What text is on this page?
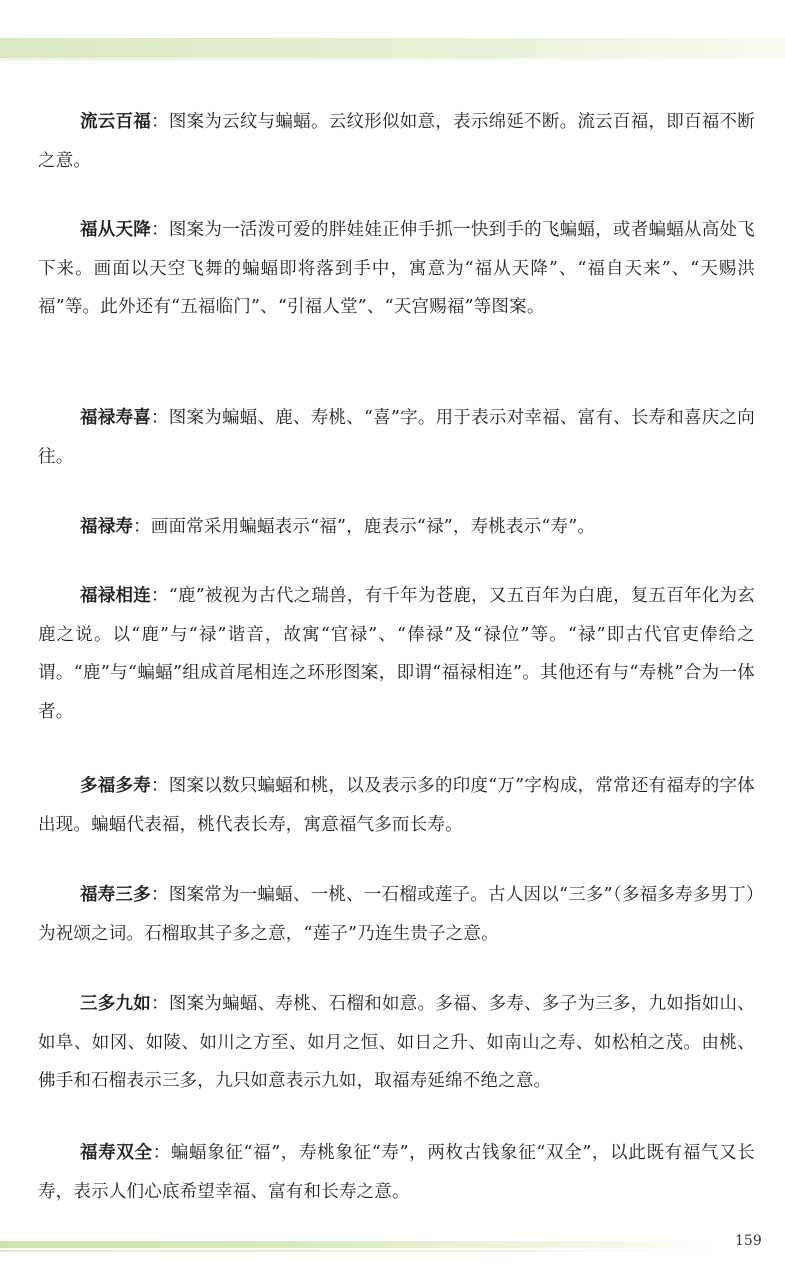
流云百福：图案为云纹与蝙蝠。云纹形似如意，表示绵延不断。流云百福，即百福不断之意。

福从天降：图案为一活泼可爱的胖娃娃正伸手抓一快到手的飞蝙蝠，或者蝙蝠从高处飞下来。画面以天空飞舞的蝙蝠即将落到手中，寓意为“福从天降”、“福自天来”、“天赐洪福”等。此外还有“五福临门”、“引福人堂”、“天宫赐福”等图案。

福禄寿喜：图案为蝙蝠、鹿、寿桃、“喜”字。用于表示对幸福、富有、长寿和喜庆之向往。

福禄寿：画面常采用蝙蝠表示“福”，鹿表示“禄”，寿桃表示“寿”。

福禄相连：“鹿”被视为古代之瑞兽，有千年为苍鹿，又五百年为白鹿，复五百年化为玄鹿之说。以“鹿”与“禄”谐音，故寓“官禄”、“俸禄”及“禄位”等。“禄”即古代官吏俸给之谓。“鹿”与“蝙蝠”组成首尾相连之环形图案，即谓“福禄相连”。其他还有与“寿桃”合为一体者。

多福多寿：图案以数只蝙蝠和桃，以及表示多的印度“万”字构成，常常还有福寿的字体出现。蝙蝠代表福，桃代表长寿，寓意福气多而长寿。

福寿三多：图案常为一蝙蝠、一桃、一石榴或莲子。古人因以“三多”（多福多寿多男丁）为祝颂之词。石榴取其子多之意，“莲子”乃连生贵子之意。

三多九如：图案为蝙蝠、寿桃、石榴和如意。多福、多寿、多子为三多，九如指如山、如阜、如冈、如陵、如川之方至、如月之恒、如日之升、如南山之寿、如松柏之茂。由桃、佛手和石榴表示三多，九只如意表示九如，取福寿延绵不绝之意。

福寿双全：蝙蝠象征“福”，寿桃象征“寿”，两枚古钱象征“双全”，以此既有福气又长寿，表示人们心底希望幸福、富有和长寿之意。

159
